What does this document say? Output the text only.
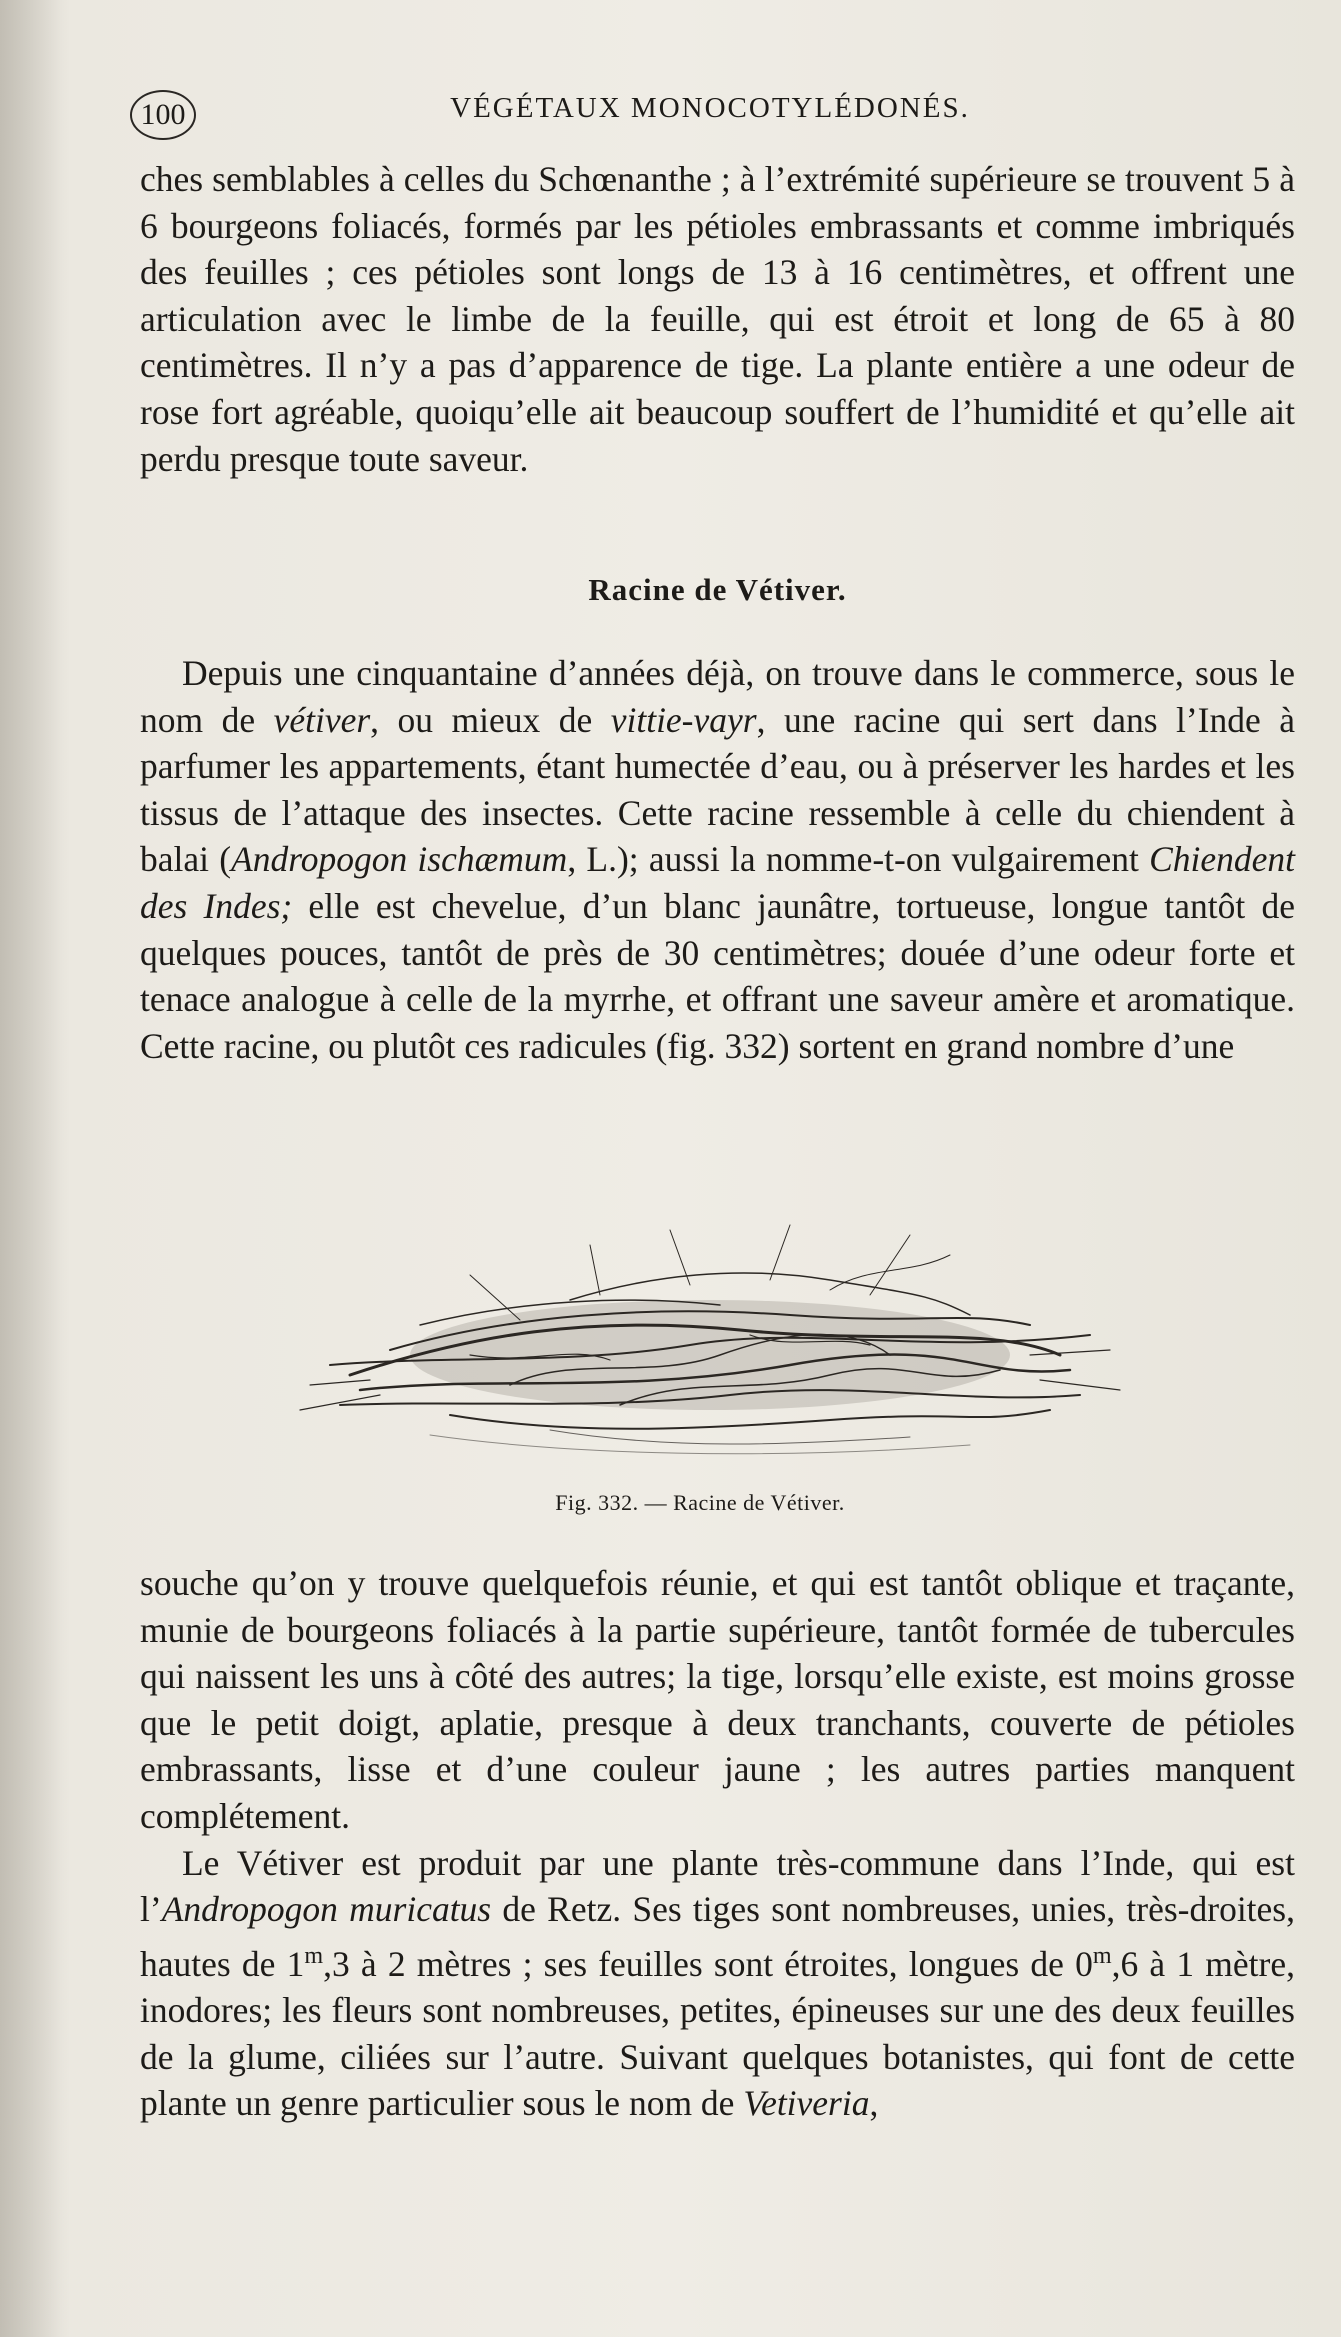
100	VÉGÉTAUX MONOCOTYLÉDONÉS.

ches semblables à celles du Schœnanthe ; à l’extrémité supérieure se trouvent 5 à 6 bourgeons foliacés, formés par les pétioles embrassants et comme imbriqués des feuilles ; ces pétioles sont longs de 13 à 16 centimètres, et offrent une articulation avec le limbe de la feuille, qui est étroit et long de 65 à 80 centimètres. Il n’y a pas d’apparence de tige. La plante entière a une odeur de rose fort agréable, quoiqu’elle ait beaucoup souffert de l’humidité et qu’elle ait perdu presque toute saveur.

Racine de Vétiver.

Depuis une cinquantaine d’années déjà, on trouve dans le commerce, sous le nom de vétiver, ou mieux de vittie-vayr, une racine qui sert dans l’Inde à parfumer les appartements, étant humectée d’eau, ou à préserver les hardes et les tissus de l’attaque des insectes. Cette racine ressemble à celle du chiendent à balai (Andropogon ischæmum, L.); aussi la nomme-t-on vulgairement Chiendent des Indes; elle est chevelue, d’un blanc jaunâtre, tortueuse, longue tantôt de quelques pouces, tantôt de près de 30 centimètres; douée d’une odeur forte et tenace analogue à celle de la myrrhe, et offrant une saveur amère et aromatique. Cette racine, ou plutôt ces radicules (fig. 332) sortent en grand nombre d’une

Fig. 332. — Racine de Vétiver.

souche qu’on y trouve quelquefois réunie, et qui est tantôt oblique et traçante, munie de bourgeons foliacés à la partie supérieure, tantôt formée de tubercules qui naissent les uns à côté des autres; la tige, lorsqu’elle existe, est moins grosse que le petit doigt, aplatie, presque à deux tranchants, couverte de pétioles embrassants, lisse et d’une couleur jaune ; les autres parties manquent complétement.

Le Vétiver est produit par une plante très-commune dans l’Inde, qui est l’Andropogon muricatus de Retz. Ses tiges sont nombreuses, unies, très-droites, hautes de 1$^m$,3 à 2 mètres ; ses feuilles sont étroites, longues de 0$^m$,6 à 1 mètre, inodores; les fleurs sont nombreuses, petites, épineuses sur une des deux feuilles de la glume, ciliées sur l’autre. Suivant quelques botanistes, qui font de cette plante un genre particulier sous le nom de Vetiveria,
